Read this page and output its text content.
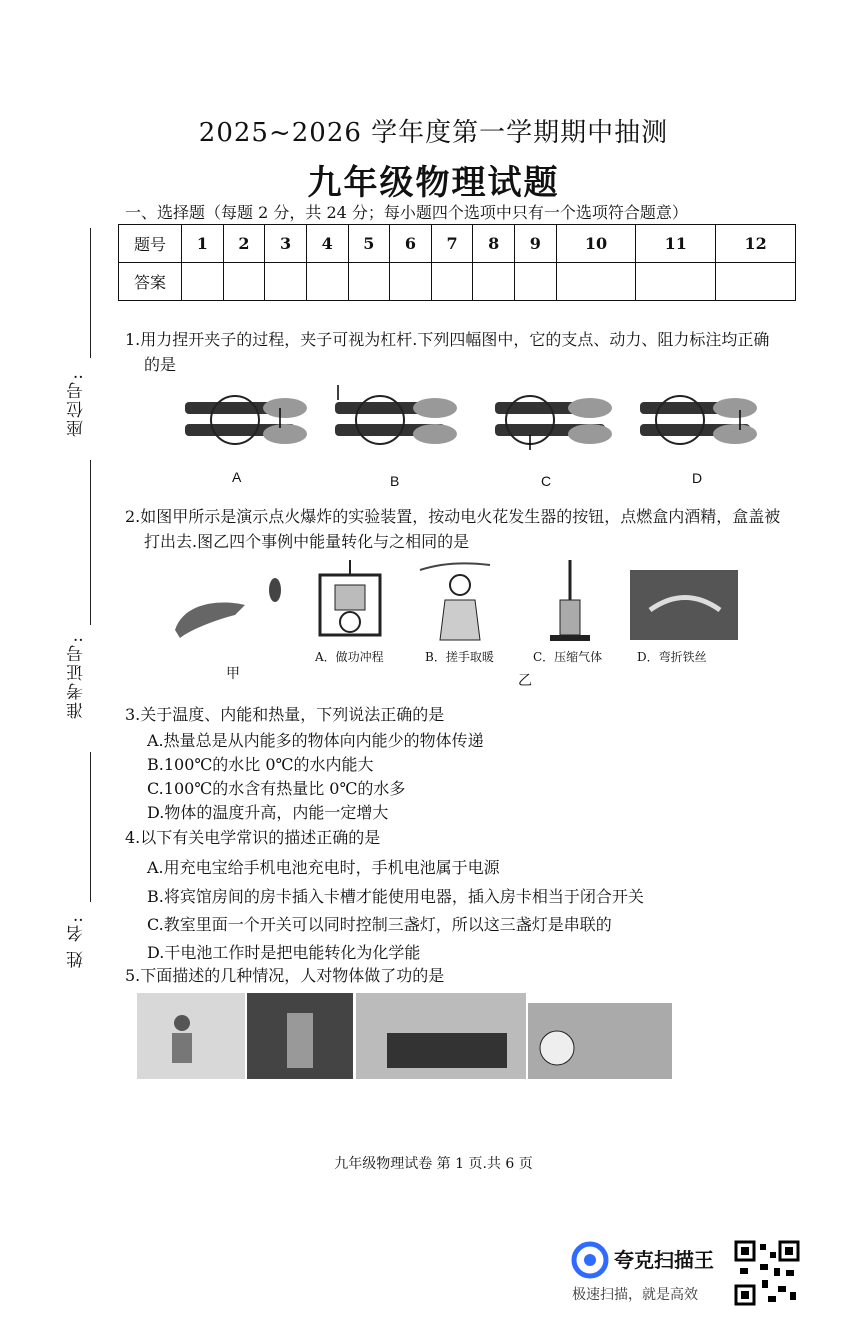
2025~2026 学年度第一学期期中抽测
九年级物理试题
一、选择题（每题 2 分，共 24 分；每小题四个选项中只有一个选项符合题意）
题号	1	2	3	4	5	6	7	8	9	10	11	12
答案												
座位号:
准考证号:
姓 名:
1.用力捏开夹子的过程，夹子可视为杠杆.下列四幅图中，它的支点、动力、阻力标注均正确
的是
A	B	C	D
2.如图甲所示是演示点火爆炸的实验装置，按动电火花发生器的按钮，点燃盒内酒精，盒盖被
打出去.图乙四个事例中能量转化与之相同的是
甲
A．做功冲程	B．搓手取暖	C．压缩气体	D．弯折铁丝
乙
3.关于温度、内能和热量，下列说法正确的是
A.热量总是从内能多的物体向内能少的物体传递
B.100℃的水比 0℃的水内能大
C.100℃的水含有热量比 0℃的水多
D.物体的温度升高，内能一定增大
4.以下有关电学常识的描述正确的是
A.用充电宝给手机电池充电时，手机电池属于电源
B.将宾馆房间的房卡插入卡槽才能使用电器，插入房卡相当于闭合开关
C.教室里面一个开关可以同时控制三盏灯，所以这三盏灯是串联的
D.干电池工作时是把电能转化为化学能
5.下面描述的几种情况，人对物体做了功的是
九年级物理试卷 第 1 页.共 6 页
夸克扫描王
极速扫描，就是高效
